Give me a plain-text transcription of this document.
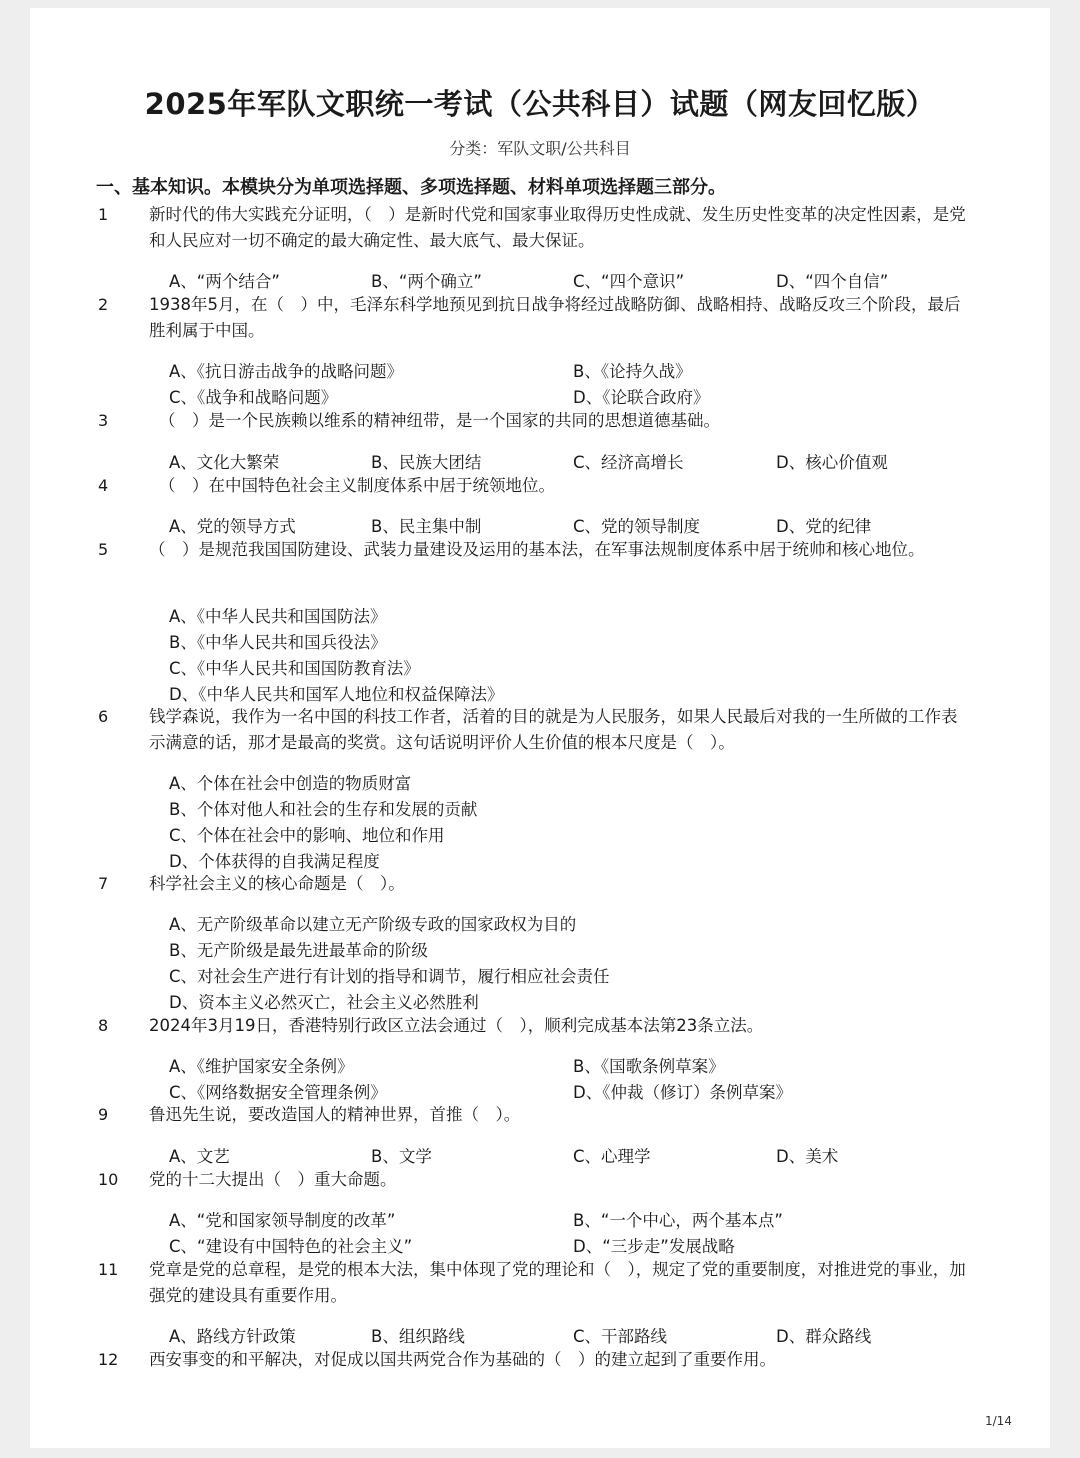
2025年军队文职统一考试（公共科目）试题（网友回忆版）
分类：军队文职/公共科目
一、基本知识。本模块分为单项选择题、多项选择题、材料单项选择题三部分。
1 新时代的伟大实践充分证明，（　）是新时代党和国家事业取得历史性成就、发生历史性变革的决定性因素，是党和人民应对一切不确定的最大确定性、最大底气、最大保证。
A、“两个结合”	B、“两个确立”	C、“四个意识”	D、“四个自信”
2 1938年5月，在（　）中，毛泽东科学地预见到抗日战争将经过战略防御、战略相持、战略反攻三个阶段，最后胜利属于中国。
A、《抗日游击战争的战略问题》	B、《论持久战》
C、《战争和战略问题》	D、《论联合政府》
3	（　）是一个民族赖以维系的精神纽带，是一个国家的共同的思想道德基础。
A、文化大繁荣	B、民族大团结	C、经济高增长	D、核心价值观
4	（　）在中国特色社会主义制度体系中居于统领地位。
A、党的领导方式	B、民主集中制	C、党的领导制度	D、党的纪律
5 （　）是规范我国国防建设、武装力量建设及运用的基本法，在军事法规制度体系中居于统帅和核心地位。
A、《中华人民共和国国防法》
B、《中华人民共和国兵役法》
C、《中华人民共和国国防教育法》
D、《中华人民共和国军人地位和权益保障法》
6 钱学森说，我作为一名中国的科技工作者，活着的目的就是为人民服务，如果人民最后对我的一生所做的工作表示满意的话，那才是最高的奖赏。这句话说明评价人生价值的根本尺度是（　）。
A、个体在社会中创造的物质财富
B、个体对他人和社会的生存和发展的贡献
C、个体在社会中的影响、地位和作用
D、个体获得的自我满足程度
7 科学社会主义的核心命题是（　）。
A、无产阶级革命以建立无产阶级专政的国家政权为目的
B、无产阶级是最先进最革命的阶级
C、对社会生产进行有计划的指导和调节，履行相应社会责任
D、资本主义必然灭亡，社会主义必然胜利
8 2024年3月19日，香港特别行政区立法会通过（　），顺利完成基本法第23条立法。
A、《维护国家安全条例》	B、《国歌条例草案》
C、《网络数据安全管理条例》	D、《仲裁（修订）条例草案》
9 鲁迅先生说，要改造国人的精神世界，首推（　）。
A、文艺	B、文学	C、心理学	D、美术
10 党的十二大提出（　）重大命题。
A、“党和国家领导制度的改革”	B、“一个中心，两个基本点”
C、“建设有中国特色的社会主义”	D、“三步走”发展战略
11 党章是党的总章程，是党的根本大法，集中体现了党的理论和（　），规定了党的重要制度，对推进党的事业，加强党的建设具有重要作用。
A、路线方针政策	B、组织路线	C、干部路线	D、群众路线
12 西安事变的和平解决，对促成以国共两党合作为基础的（　）的建立起到了重要作用。
1/14
